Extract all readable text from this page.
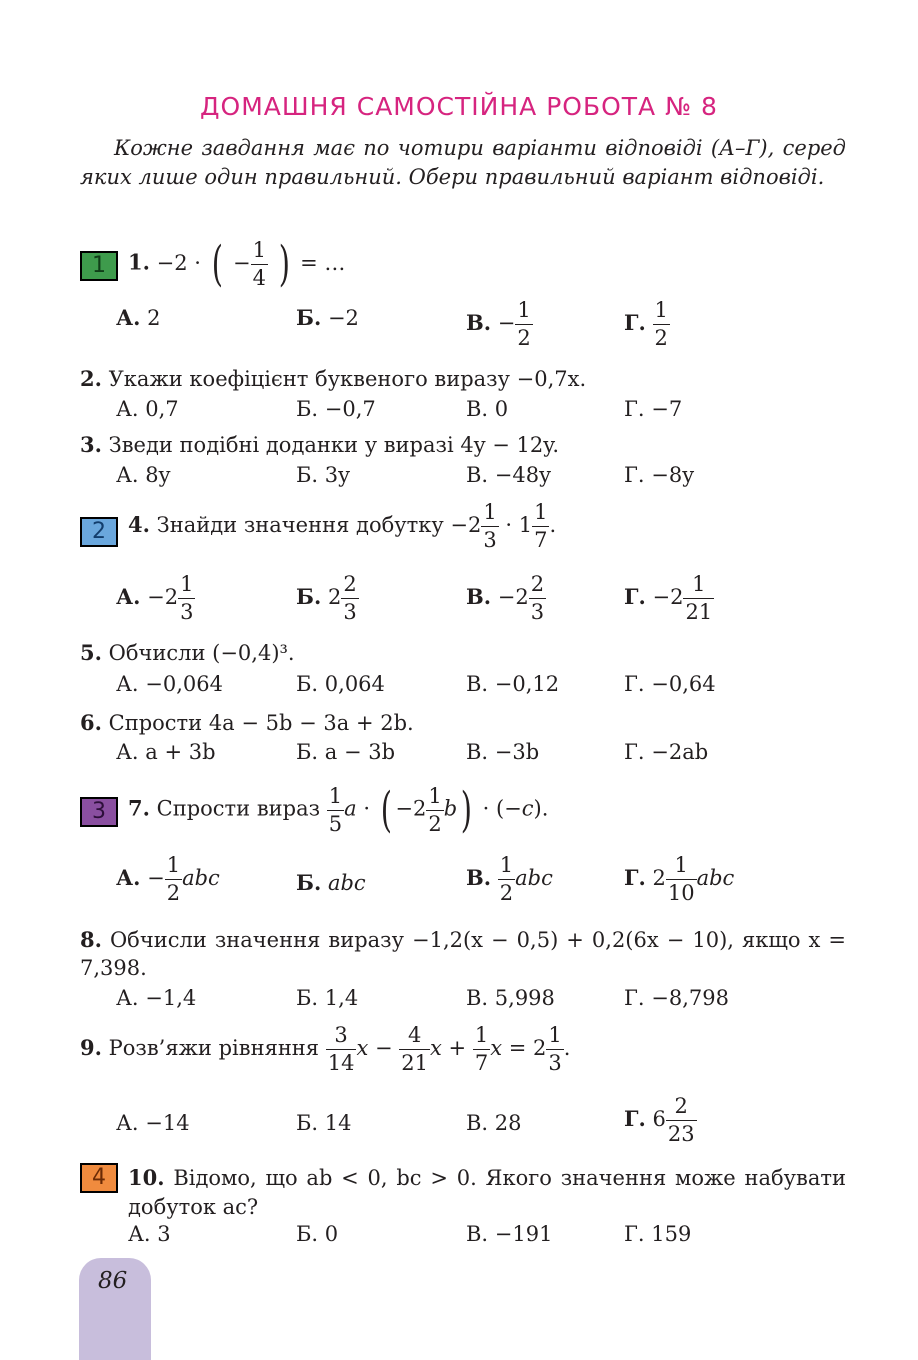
ДОМАШНЯ САМОСТІЙНА РОБОТА № 8
Кожне завдання має по чотири варіанти відповіді (А–Г), серед яких лише один правильний. Обери правильний варіант відповіді.
1	1. −2 · ( − $\frac{1}{4}$ ) = …
А. 2	Б. −2	В. − $\frac{1}{2}$	Г. $\frac{1}{2}$
2. Укажи коефіцієнт буквеного виразу −0,7x.
А. 0,7	Б. −0,7	В. 0	Г. −7
3. Зведи подібні доданки у виразі 4y − 12y.
А. 8y	Б. 3y	В. −48y	Г. −8y
2	4. Знайди значення добутку $-2 \frac{1}{3} \cdot 1 \frac{1}{7}$ .
А. $-2 \frac{1}{3}$	Б. $2 \frac{2}{3}$	В. $-2 \frac{2}{3}$	Г. $-2 \frac{1}{21}$
5. Обчисли (−0,4)³.
А. −0,064	Б. 0,064	В. −0,12	Г. −0,64
6. Спрости 4a − 5b − 3a + 2b.
А. a + 3b	Б. a − 3b	В. −3b	Г. −2ab
3	7. Спрости вираз $\frac{1}{5}$ a · ( $-2 \frac{1}{2} b) \cdot (-c)$.
А. − $\frac{1}{2}$ abc	Б. abc	В. $\frac{1}{2}$ abc	Г. $2 \frac{1}{10}$ abc
8. Обчисли значення виразу −1,2(x − 0,5) + 0,2(6x − 10), якщо x = 7,398.
А. −1,4	Б. 1,4	В. 5,998	Г. −8,798
9. Розв’яжи рівняння $\frac{3}{14}$ $x - \frac{4}{21}$ $x + \frac{1}{7}$ $x = 2 \frac{1}{3}$ .
А. −14	Б. 14	В. 28	Г. $6 \frac{2}{23}$
4	10. Відомо, що ab < 0, bc > 0. Якого значення може набувати добуток ac?
А. 3	Б. 0	В. −191	Г. 159
86
